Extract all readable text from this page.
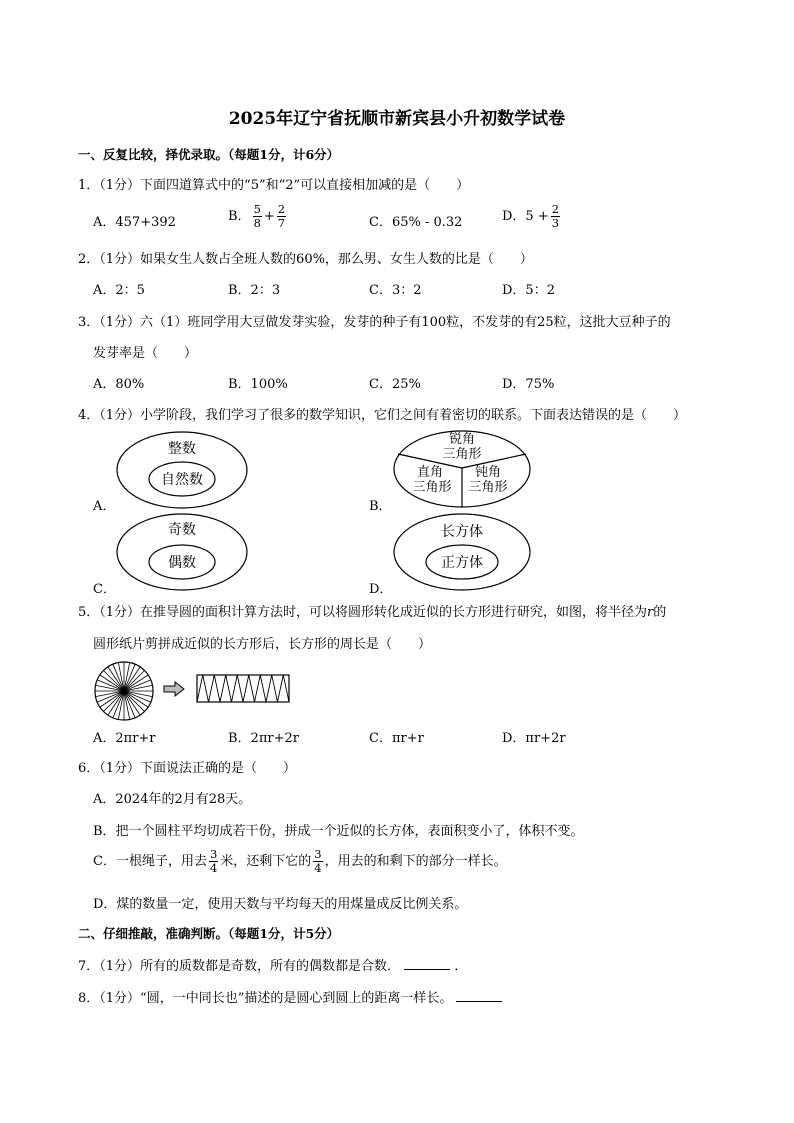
2025年辽宁省抚顺市新宾县小升初数学试卷
一、反复比较，择优录取。（每题1分，计6分）
1．（1分）下面四道算式中的“5”和“2”可以直接相加减的是（　　）
A．457+392	B． $\frac{5}{8} + \frac{2}{7}$	C．65% - 0.32	D．$5 + \frac{2}{3}$
2．（1分）如果女生人数占全班人数的60%，那么男、女生人数的比是（　　）
A．2：5	B．2：3	C．3：2	D．5：2
3．（1分）六（1）班同学用大豆做发芽实验，发芽的种子有100粒，不发芽的有25粒，这批大豆种子的
发芽率是（　　）
A．80%	B．100%	C．25%	D．75%
4．（1分）小学阶段，我们学习了很多的数学知识，它们之间有着密切的联系。下面表达错误的是（　　）
A．
整数
自然数
B．
锐角
三角形
直角
三角形
钝角
三角形
C．
奇数
偶数
D．
长方体
正方体
5．（1分）在推导圆的面积计算方法时，可以将圆形转化成近似的长方形进行研究，如图，将半径为r的
圆形纸片剪拼成近似的长方形后，长方形的周长是（　　）
A．2πr+r	B．2πr+2r	C．πr+r	D．πr+2r
6．（1分）下面说法正确的是（　　）
A．2024年的2月有28天。
B．把一个圆柱平均切成若干份，拼成一个近似的长方体，表面积变小了，体积不变。
C．一根绳子，用去 $\frac{3}{4}$ 米，还剩下它的 $\frac{3}{4}$ ，用去的和剩下的部分一样长。
D．煤的数量一定，使用天数与平均每天的用煤量成反比例关系。
二、仔细推敲，准确判断。（每题1分，计5分）
7．（1分）所有的质数都是奇数，所有的偶数都是合数．	．
8．（1分）“圆，一中同长也”描述的是圆心到圆上的距离一样长。
